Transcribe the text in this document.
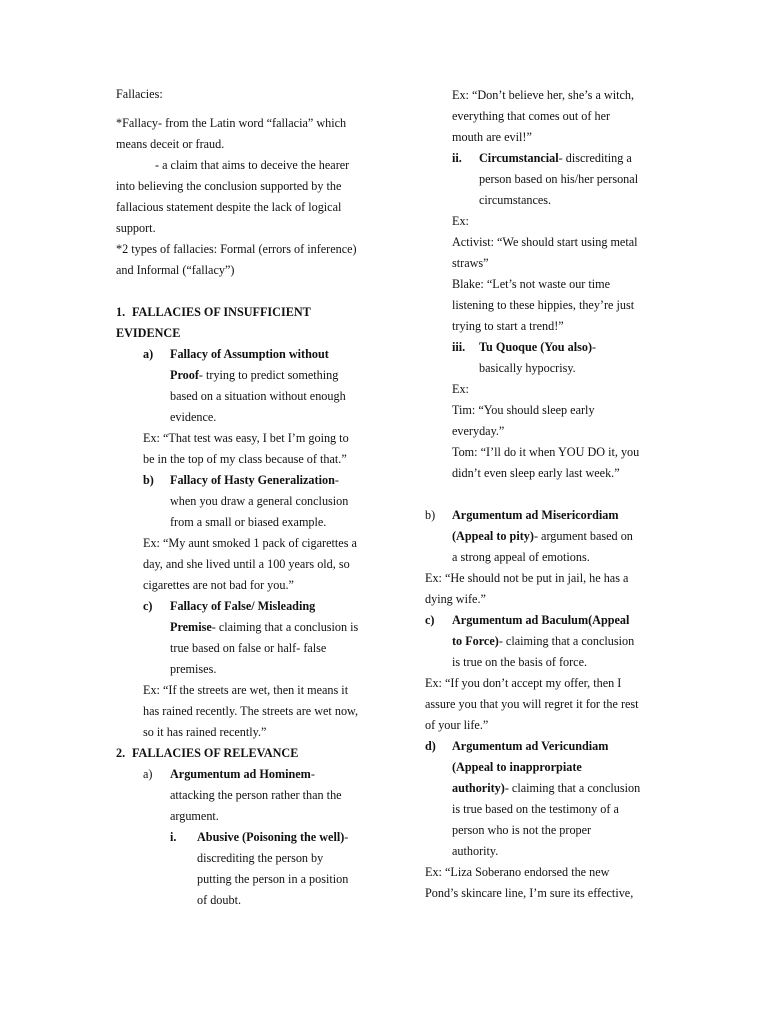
Fallacies:
*Fallacy- from the Latin word “fallacia” which
means deceit or fraud.
- a claim that aims to deceive the hearer
into believing the conclusion supported by the
fallacious statement despite the lack of logical
support.
*2 types of fallacies: Formal (errors of inference)
and Informal (“fallacy”)
1. FALLACIES OF INSUFFICIENT
EVIDENCE
a) Fallacy of Assumption without
Proof- trying to predict something
based on a situation without enough
evidence.
Ex: “That test was easy, I bet I’m going to
be in the top of my class because of that.”
b) Fallacy of Hasty Generalization-
when you draw a general conclusion
from a small or biased example.
Ex: “My aunt smoked 1 pack of cigarettes a
day, and she lived until a 100 years old, so
cigarettes are not bad for you.”
c) Fallacy of False/ Misleading
Premise- claiming that a conclusion is
true based on false or half- false
premises.
Ex: “If the streets are wet, then it means it
has rained recently. The streets are wet now,
so it has rained recently.”
2. FALLACIES OF RELEVANCE
a) Argumentum ad Hominem-
attacking the person rather than the
argument.
i. Abusive (Poisoning the well)-
discrediting the person by
putting the person in a position
of doubt.
Ex: “Don’t believe her, she’s a witch,
everything that comes out of her
mouth are evil!”
ii. Circumstancial- discrediting a
person based on his/her personal
circumstances.
Ex:
Activist: “We should start using metal
straws”
Blake: “Let’s not waste our time
listening to these hippies, they’re just
trying to start a trend!”
iii. Tu Quoque (You also)-
basically hypocrisy.
Ex:
Tim: “You should sleep early
everyday.”
Tom: “I’ll do it when YOU DO it, you
didn’t even sleep early last week.”
b) Argumentum ad Misericordiam
(Appeal to pity)- argument based on
a strong appeal of emotions.
Ex: “He should not be put in jail, he has a
dying wife.”
c) Argumentum ad Baculum(Appeal
to Force)- claiming that a conclusion
is true on the basis of force.
Ex: “If you don’t accept my offer, then I
assure you that you will regret it for the rest
of your life.”
d) Argumentum ad Vericundiam
(Appeal to inapprorpiate
authority)- claiming that a conclusion
is true based on the testimony of a
person who is not the proper
authority.
Ex: “Liza Soberano endorsed the new
Pond’s skincare line, I’m sure its effective,
